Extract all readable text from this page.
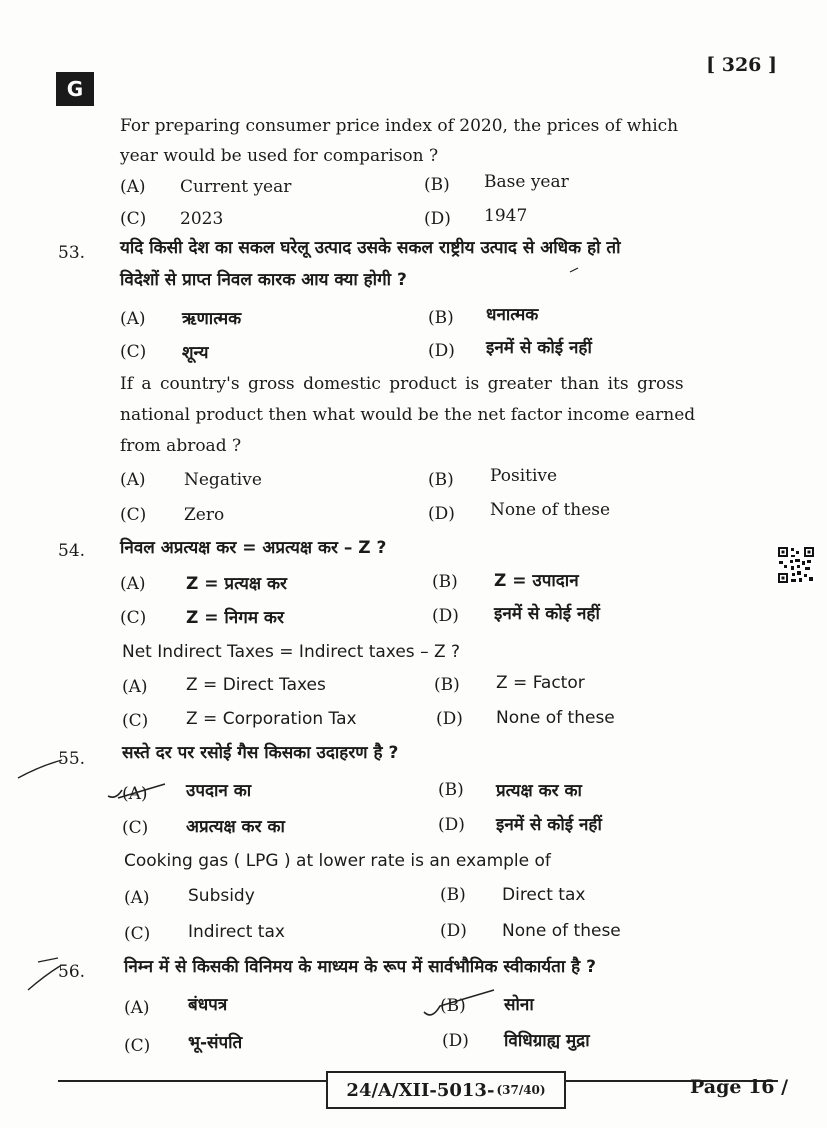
[ 326 ]
G
For preparing consumer price index of 2020, the prices of which
year would be used for comparison ?
(A) Current year	(B) Base year
(C) 2023	(D) 1947
53. यदि किसी देश का सकल घरेलू उत्पाद उसके सकल राष्ट्रीय उत्पाद से अधिक हो तो
विदेशों से प्राप्त निवल कारक आय क्या होगी ?
(A) ऋणात्मक	(B) धनात्मक
(C) शून्य	(D) इनमें से कोई नहीं
If a country's gross domestic product is greater than its gross
national product then what would be the net factor income earned
from abroad ?
(A) Negative	(B) Positive
(C) Zero	(D) None of these
54. निवल अप्रत्यक्ष कर = अप्रत्यक्ष कर – Z ?
(A) Z = प्रत्यक्ष कर	(B) Z = उपादान
(C) Z = निगम कर	(D) इनमें से कोई नहीं
Net Indirect Taxes = Indirect taxes – Z ?
(A) Z = Direct Taxes	(B) Z = Factor
(C) Z = Corporation Tax	(D) None of these
55. सस्ते दर पर रसोई गैस किसका उदाहरण है ?
(A) उपदान का	(B) प्रत्यक्ष कर का
(C) अप्रत्यक्ष कर का	(D) इनमें से कोई नहीं
Cooking gas ( LPG ) at lower rate is an example of
(A) Subsidy	(B) Direct tax
(C) Indirect tax	(D) None of these
56. निम्न में से किसकी विनिमय के माध्यम के रूप में सार्वभौमिक स्वीकार्यता है ?
(A) बंधपत्र	(B) सोना
(C) भू-संपति	(D) विधिग्राह्य मुद्रा
24/A/XII-5013- (37/40)	Page 16 /
